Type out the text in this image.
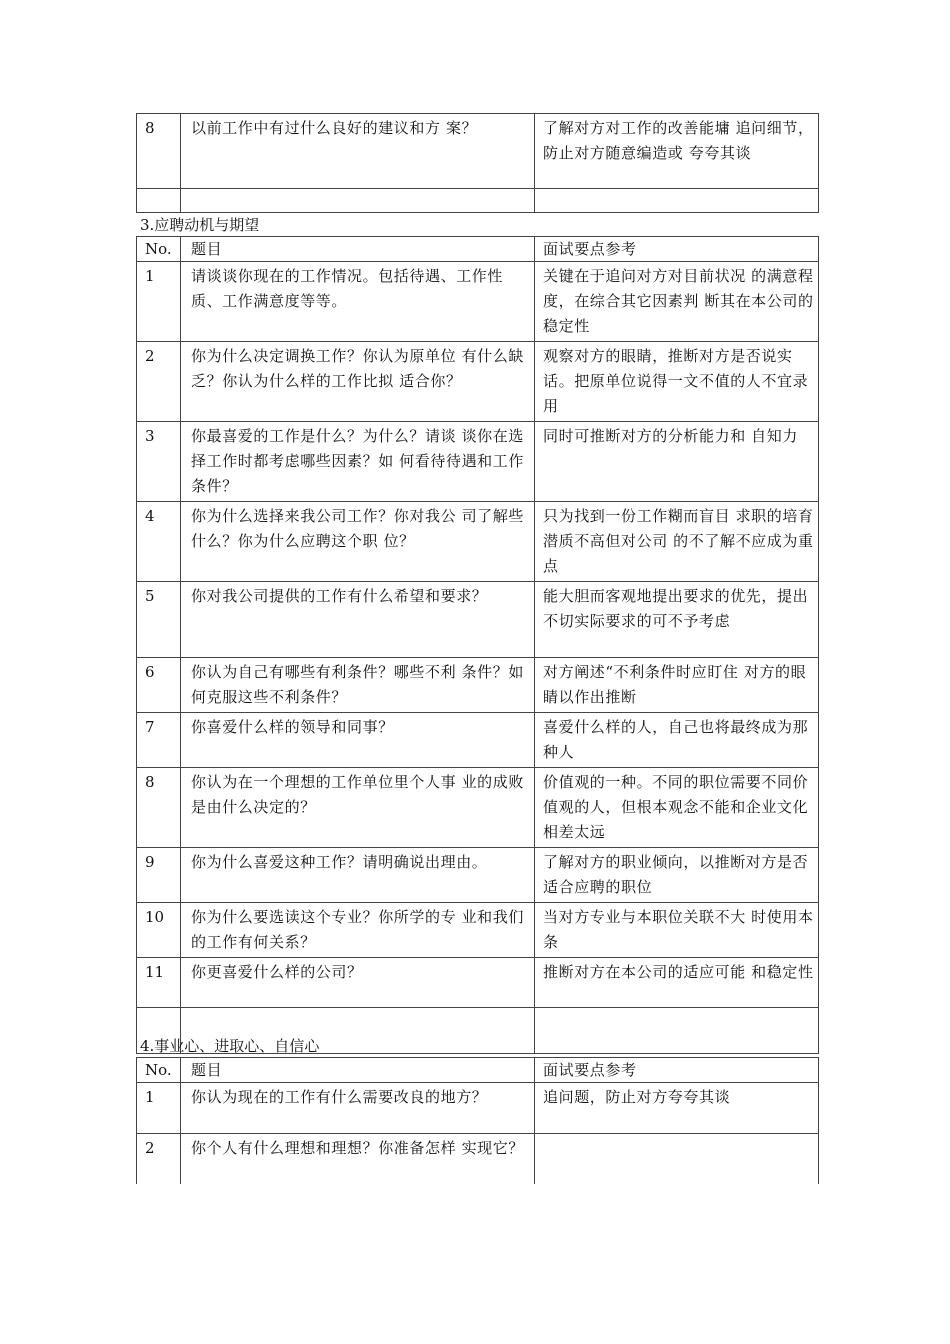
8	以前工作中有过什么良好的建议和方 案？	了解对方对工作的改善能墉 追问细节，防止对方随意编造或 夸夸其谈

3.应聘动机与期望
No.	题目	面试要点参考
1	请谈谈你现在的工作情况。包括待遇、工作性质、工作满意度等等。	关键在于追问对方对目前状况 的满意程度，在综合其它因素判 断其在本公司的稳定性
2	你为什么决定调换工作？你认为原单位 有什么缺乏？你认为什么样的工作比拟 适合你？	观察对方的眼睛，推断对方是否说实话。把原单位说得一文不值的人不宜录用
3	你最喜爱的工作是什么？为什么？请谈 谈你在选择工作时都考虑哪些因素？如 何看待待遇和工作条件？	同时可推断对方的分析能力和 自知力
4	你为什么选择来我公司工作？你对我公 司了解些什么？你为什么应聘这个职 位？	只为找到一份工作糊而盲目 求职的培育潜质不高但对公司 的不了解不应成为重点
5	你对我公司提供的工作有什么希望和要求？	能大胆而客观地提出要求的优先，提出不切实际要求的可不予考虑
6	你认为自己有哪些有利条件？哪些不利 条件？如何克服这些不利条件？	对方阐述“不利条件时应盯住 对方的眼睛以作出推断
7	你喜爱什么样的领导和同事？	喜爱什么样的人，自己也将最终成为那种人
8	你认为在一个理想的工作单位里个人事 业的成败是由什么决定的？	价值观的一种。不同的职位需要不同价值观的人，但根本观念不能和企业文化相差太远
9	你为什么喜爱这种工作？请明确说出理由。	了解对方的职业倾向，以推断对方是否适合应聘的职位
10	你为什么要选读这个专业？你所学的专 业和我们的工作有何关系？	当对方专业与本职位关联不大 时使用本条
11	你更喜爱什么样的公司？	推断对方在本公司的适应可能 和稳定性

4.事业心、进取心、自信心
No.	题目	面试要点参考
1	你认为现在的工作有什么需要改良的地方？	追问题，防止对方夸夸其谈
2	你个人有什么理想和理想？你准备怎样 实现它？	
